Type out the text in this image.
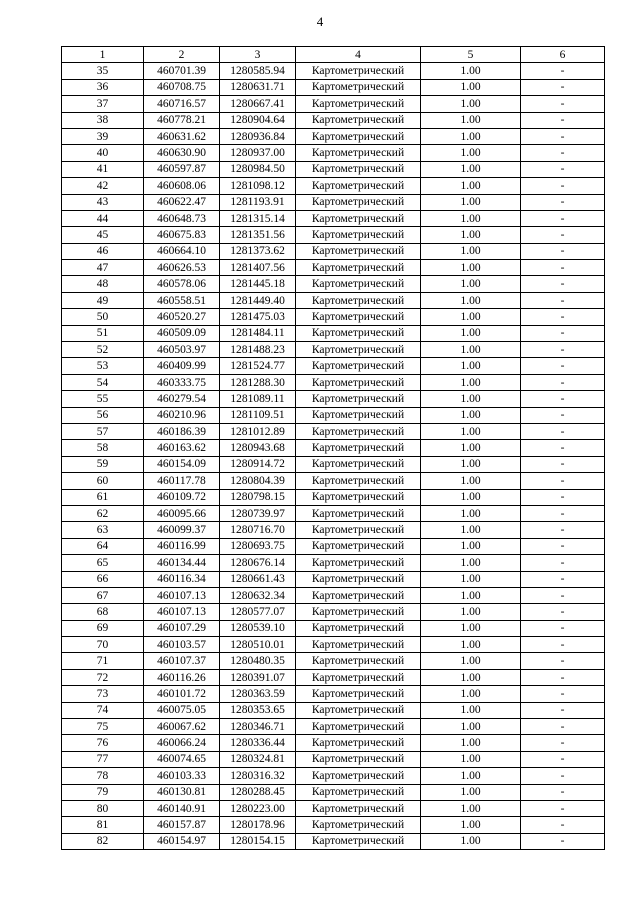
4
1	2	3	4	5	6
35	460701.39	1280585.94	Картометрический	1.00	-
36	460708.75	1280631.71	Картометрический	1.00	-
37	460716.57	1280667.41	Картометрический	1.00	-
38	460778.21	1280904.64	Картометрический	1.00	-
39	460631.62	1280936.84	Картометрический	1.00	-
40	460630.90	1280937.00	Картометрический	1.00	-
41	460597.87	1280984.50	Картометрический	1.00	-
42	460608.06	1281098.12	Картометрический	1.00	-
43	460622.47	1281193.91	Картометрический	1.00	-
44	460648.73	1281315.14	Картометрический	1.00	-
45	460675.83	1281351.56	Картометрический	1.00	-
46	460664.10	1281373.62	Картометрический	1.00	-
47	460626.53	1281407.56	Картометрический	1.00	-
48	460578.06	1281445.18	Картометрический	1.00	-
49	460558.51	1281449.40	Картометрический	1.00	-
50	460520.27	1281475.03	Картометрический	1.00	-
51	460509.09	1281484.11	Картометрический	1.00	-
52	460503.97	1281488.23	Картометрический	1.00	-
53	460409.99	1281524.77	Картометрический	1.00	-
54	460333.75	1281288.30	Картометрический	1.00	-
55	460279.54	1281089.11	Картометрический	1.00	-
56	460210.96	1281109.51	Картометрический	1.00	-
57	460186.39	1281012.89	Картометрический	1.00	-
58	460163.62	1280943.68	Картометрический	1.00	-
59	460154.09	1280914.72	Картометрический	1.00	-
60	460117.78	1280804.39	Картометрический	1.00	-
61	460109.72	1280798.15	Картометрический	1.00	-
62	460095.66	1280739.97	Картометрический	1.00	-
63	460099.37	1280716.70	Картометрический	1.00	-
64	460116.99	1280693.75	Картометрический	1.00	-
65	460134.44	1280676.14	Картометрический	1.00	-
66	460116.34	1280661.43	Картометрический	1.00	-
67	460107.13	1280632.34	Картометрический	1.00	-
68	460107.13	1280577.07	Картометрический	1.00	-
69	460107.29	1280539.10	Картометрический	1.00	-
70	460103.57	1280510.01	Картометрический	1.00	-
71	460107.37	1280480.35	Картометрический	1.00	-
72	460116.26	1280391.07	Картометрический	1.00	-
73	460101.72	1280363.59	Картометрический	1.00	-
74	460075.05	1280353.65	Картометрический	1.00	-
75	460067.62	1280346.71	Картометрический	1.00	-
76	460066.24	1280336.44	Картометрический	1.00	-
77	460074.65	1280324.81	Картометрический	1.00	-
78	460103.33	1280316.32	Картометрический	1.00	-
79	460130.81	1280288.45	Картометрический	1.00	-
80	460140.91	1280223.00	Картометрический	1.00	-
81	460157.87	1280178.96	Картометрический	1.00	-
82	460154.97	1280154.15	Картометрический	1.00	-
